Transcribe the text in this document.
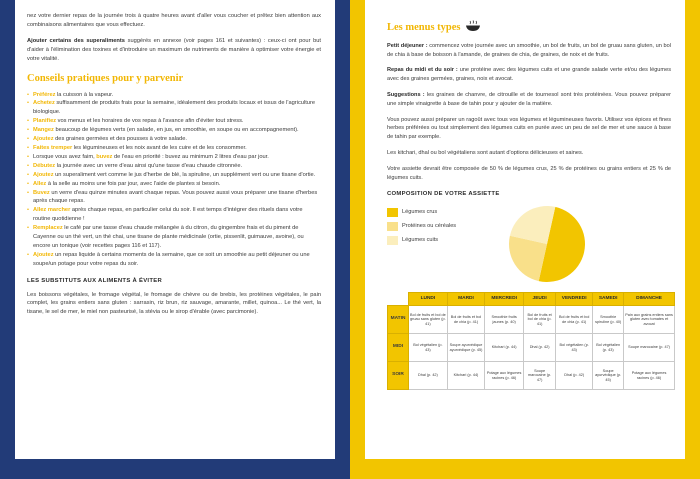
nez votre dernier repas de la journée trois à quatre heures avant d'aller vous coucher et prêtez bien attention aux combinaisons alimentaires que vous effectuez.

Ajouter certains des superaliments suggérés en annexe (voir pages 161 et suivantes) : ceux-ci ont pour but d'aider à l'élimination des toxines et d'introduire un maximum de nutriments de manière à optimiser votre énergie et votre vitalité.

Conseils pratiques pour y parvenir
• Préférez la cuisson à la vapeur.
• Achetez suffisamment de produits frais pour la semaine, idéalement des produits locaux et issus de l'agriculture biologique.
• Planifiez vos menus et les horaires de vos repas à l'avance afin d'éviter tout stress.
• Mangez beaucoup de légumes verts (en salade, en jus, en smoothie, en soupe ou en accompagnement).
• Ajoutez des graines germées et des pousses à votre salade.
• Faites tremper les légumineuses et les noix avant de les cuire et de les consommer.
• Lorsque vous avez faim, buvez de l'eau en priorité : buvez au minimum 2 litres d'eau par jour.
• Débutez la journée avec un verre d'eau ainsi qu'une tasse d'eau chaude citronnée.
• Ajoutez un superaliment vert comme le jus d'herbe de blé, la spiruline, un supplément vert ou une tisane d'ortie.
• Allez à la selle au moins une fois par jour, avec l'aide de plantes si besoin.
• Buvez un verre d'eau quinze minutes avant chaque repas. Vous pouvez aussi vous préparer une tisane d'herbes après chaque repas.
• Allez marcher après chaque repas, en particulier celui du soir. Il est temps d'intégrer des rituels dans votre routine quotidienne !
• Remplacez le café par une tasse d'eau chaude mélangée à du citron, du gingembre frais et du piment de Cayenne ou un thé vert, un thé chai, une tisane de plante médicinale (ortie, pissenlit, guimauve, avoine), ou encore un tonique (voir recettes pages 116 et 117).
• Ajoutez un repas liquide à certains moments de la semaine, que ce soit un smoothie au petit déjeuner ou une soupe/un potage pour votre repas du soir.
LES SUBSTITUTS AUX ALIMENTS À ÉVITER

Les boissons végétales, le fromage végétal, le fromage de chèvre ou de brebis, les protéines végétales, le pain complet, les grains entiers sans gluten : sarrasin, riz brun, riz sauvage, amarante, millet, quinoa... Le thé vert, la tisane, le sel de mer, le miel non pasteurisé, la stévia ou le sirop d'érable (avec parcimonie).

Les menus types

Petit déjeuner : commencez votre journée avec un smoothie, un bol de fruits, un bol de gruau sans gluten, un bol de chia à base de boisson à l'amande, de graines de chia, de graines, de noix et de fruits.

Repas du midi et du soir : une protéine avec des légumes cuits et une grande salade verte et/ou des légumes avec des graines germées, graines, noix et avocat.

Suggestions : les graines de chanvre, de citrouille et de tournesol sont très protéinées. Vous pouvez préparer une simple vinaigrette à base de tahin pour y ajouter de la matière.

Vous pouvez aussi préparer un ragoût avec tous vos légumes et légumineuses favoris. Utilisez vos épices et fines herbes préférées ou tout simplement des légumes cuits en purée avec un peu de sel de mer et une sauce à base de tahin par exemple.

Les kitchari, dhal ou bol végétaliens sont autant d'options délicieuses et saines.

Votre assiette devrait être composée de 50 % de légumes crus, 25 % de protéines ou grains entiers et 25 % de légumes cuits.

COMPOSITION DE VOTRE ASSIETTE
Légumes crus
Protéines ou céréales
Légumes cuits
	LUNDI	MARDI	MERCREDI	JEUDI	VENDREDI	SAMEDI	DIMANCHE
MATIN	Bol de fruits et bol de gruau sans gluten (p. 41)	Bol de fruits et bol de chia (p. 41)	Smoothie fruits jaunes (p. 40)	Bol de fruits et bol de chia (p. 41)	Bol de fruits et bol de chia (p. 41)	Smoothie spiruline (p. 40)	Pain aux grains entiers sans gluten avec tomates et avocat
MIDI	Bol végétalien (p. 43)	Soupe ayurvédique ayurvédique (p. 45)	Kitchari (p. 44)	Dhal (p. 42)	Bol végétalien (p. 43)	Bol végétalien (p. 43)	Soupe marocaine (p. 47)
SOIR	Dhal (p. 42)	Kitchari (p. 44)	Potage aux légumes racines (p. 46)	Soupe marocaine (p. 47)	Dhal (p. 42)	Soupe ayurvédique (p. 45)	Potage aux légumes racines (p. 46)
